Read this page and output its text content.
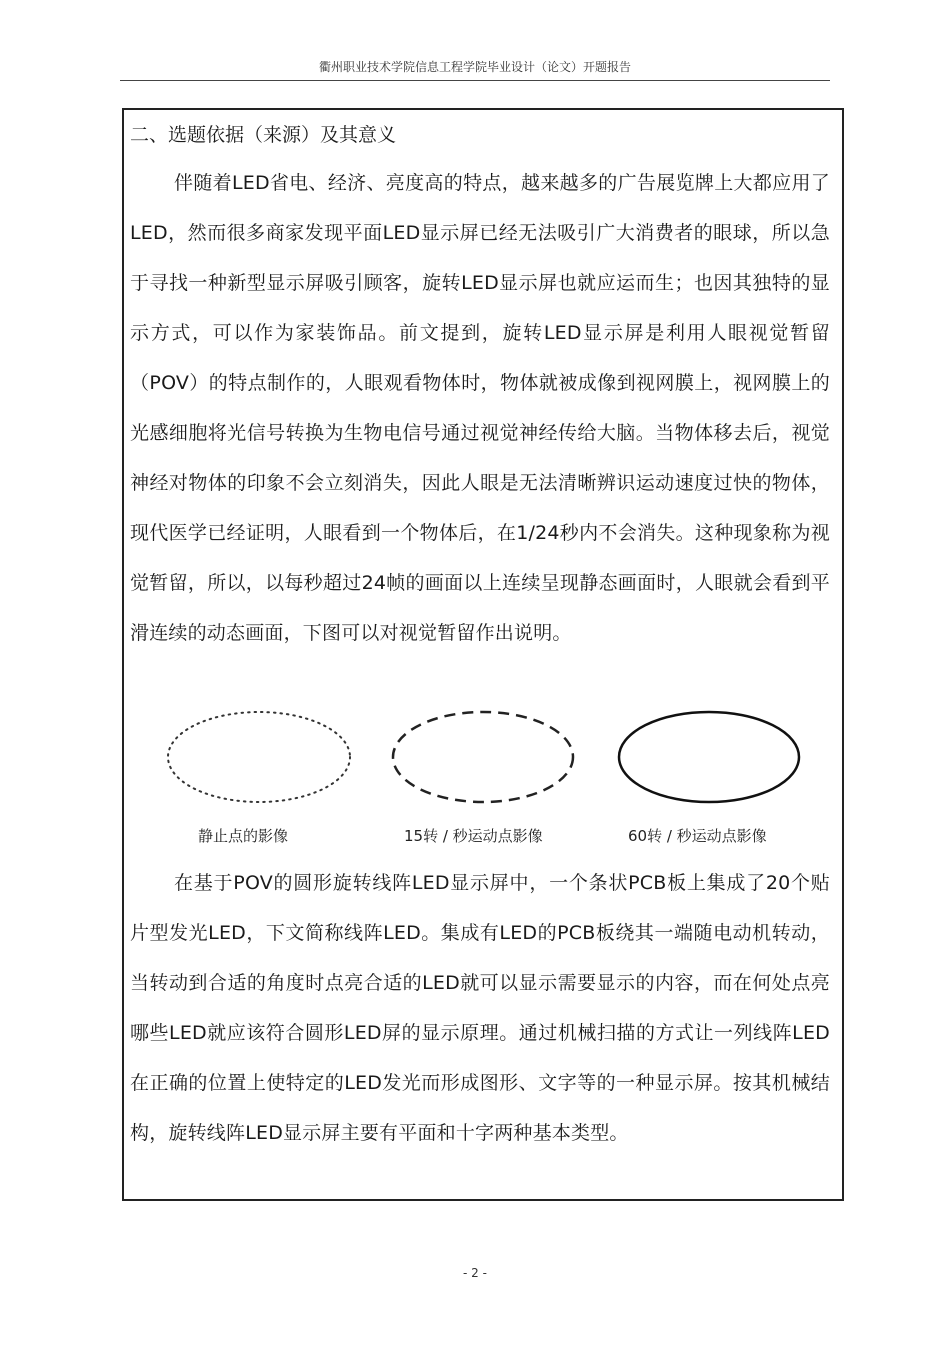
衢州职业技术学院信息工程学院毕业设计（论文）开题报告
二、选题依据（来源）及其意义

伴随着LED省电、经济、亮度高的特点，越来越多的广告展览牌上大都应用了LED，然而很多商家发现平面LED显示屏已经无法吸引广大消费者的眼球，所以急于寻找一种新型显示屏吸引顾客，旋转LED显示屏也就应运而生；也因其独特的显示方式，可以作为家装饰品。前文提到，旋转LED显示屏是利用人眼视觉暂留（POV）的特点制作的，人眼观看物体时，物体就被成像到视网膜上，视网膜上的光感细胞将光信号转换为生物电信号通过视觉神经传给大脑。当物体移去后，视觉神经对物体的印象不会立刻消失，因此人眼是无法清晰辨识运动速度过快的物体，现代医学已经证明，人眼看到一个物体后，在1/24秒内不会消失。这种现象称为视觉暂留，所以，以每秒超过24帧的画面以上连续呈现静态画面时，人眼就会看到平滑连续的动态画面，下图可以对视觉暂留作出说明。

静止点的影像	15转 / 秒运动点影像	60转 / 秒运动点影像

在基于POV的圆形旋转线阵LED显示屏中，一个条状PCB板上集成了20个贴片型发光LED，下文简称线阵LED。集成有LED的PCB板绕其一端随电动机转动，当转动到合适的角度时点亮合适的LED就可以显示需要显示的内容，而在何处点亮哪些LED就应该符合圆形LED屏的显示原理。通过机械扫描的方式让一列线阵LED在正确的位置上使特定的LED发光而形成图形、文字等的一种显示屏。按其机械结构，旋转线阵LED显示屏主要有平面和十字两种基本类型。

- 2 -
